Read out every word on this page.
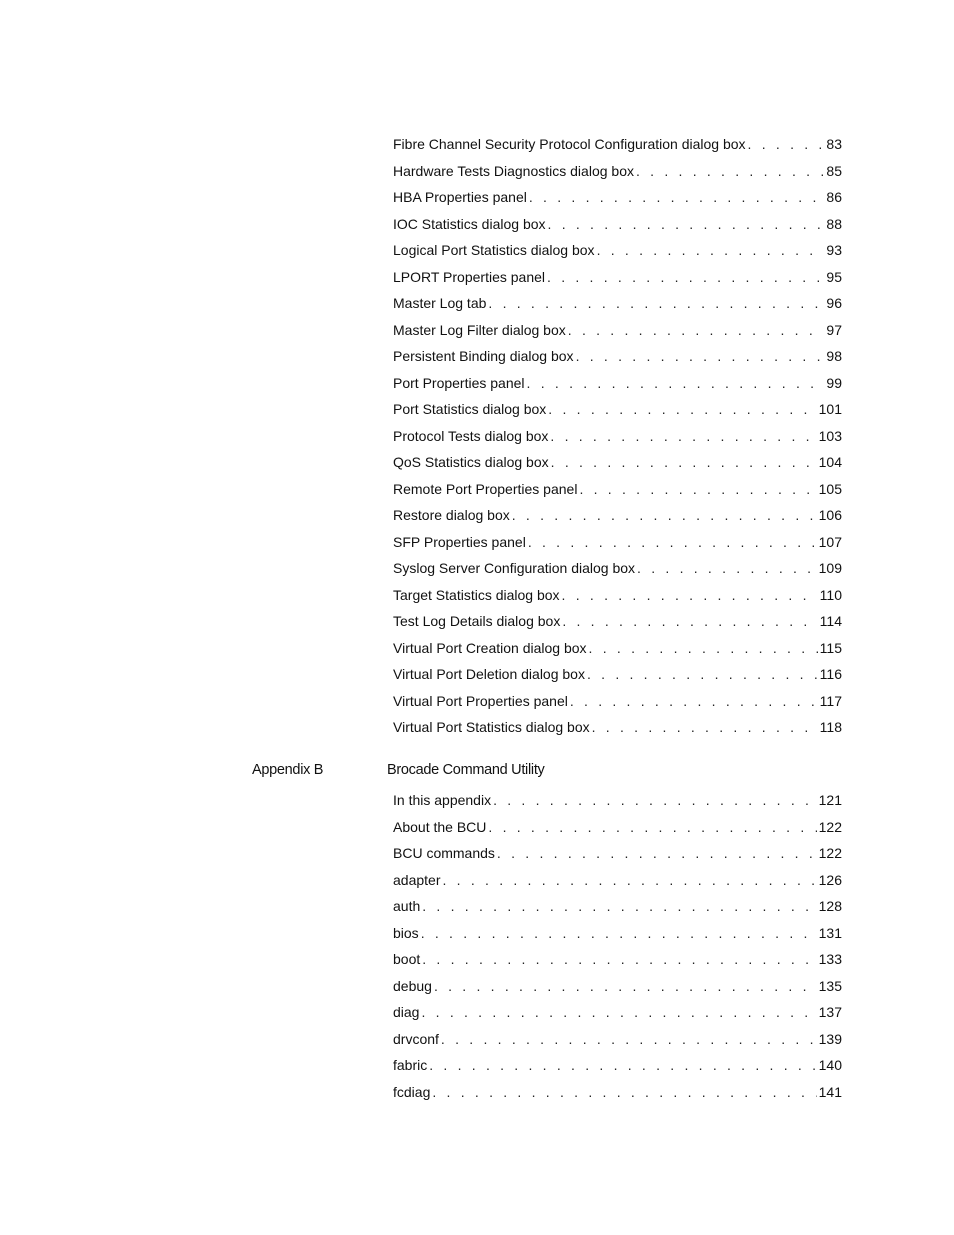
Fibre Channel Security Protocol Configuration dialog box . . .	83
Hardware Tests Diagnostics dialog box . . .	85
HBA Properties panel . . .	86
IOC Statistics dialog box . . .	88
Logical Port Statistics dialog box . . .	93
LPORT Properties panel . . .	95
Master Log tab . . .	96
Master Log Filter dialog box . . .	97
Persistent Binding dialog box . . .	98
Port Properties panel . . .	99
Port Statistics dialog box . . .	101
Protocol Tests dialog box . . .	103
QoS Statistics dialog box . . .	104
Remote Port Properties panel . . .	105
Restore dialog box . . .	106
SFP Properties panel . . .	107
Syslog Server Configuration dialog box . . .	109
Target Statistics dialog box . . .	110
Test Log Details dialog box . . .	114
Virtual Port Creation dialog box . . .	115
Virtual Port Deletion dialog box . . .	116
Virtual Port Properties panel . . .	117
Virtual Port Statistics dialog box . . .	118
Appendix B	Brocade Command Utility
In this appendix . . .	121
About the BCU . . .	122
BCU commands . . .	122
adapter . . .	126
auth . . .	128
bios . . .	131
boot . . .	133
debug . . .	135
diag . . .	137
drvconf . . .	139
fabric . . .	140
fcdiag . . .	141
